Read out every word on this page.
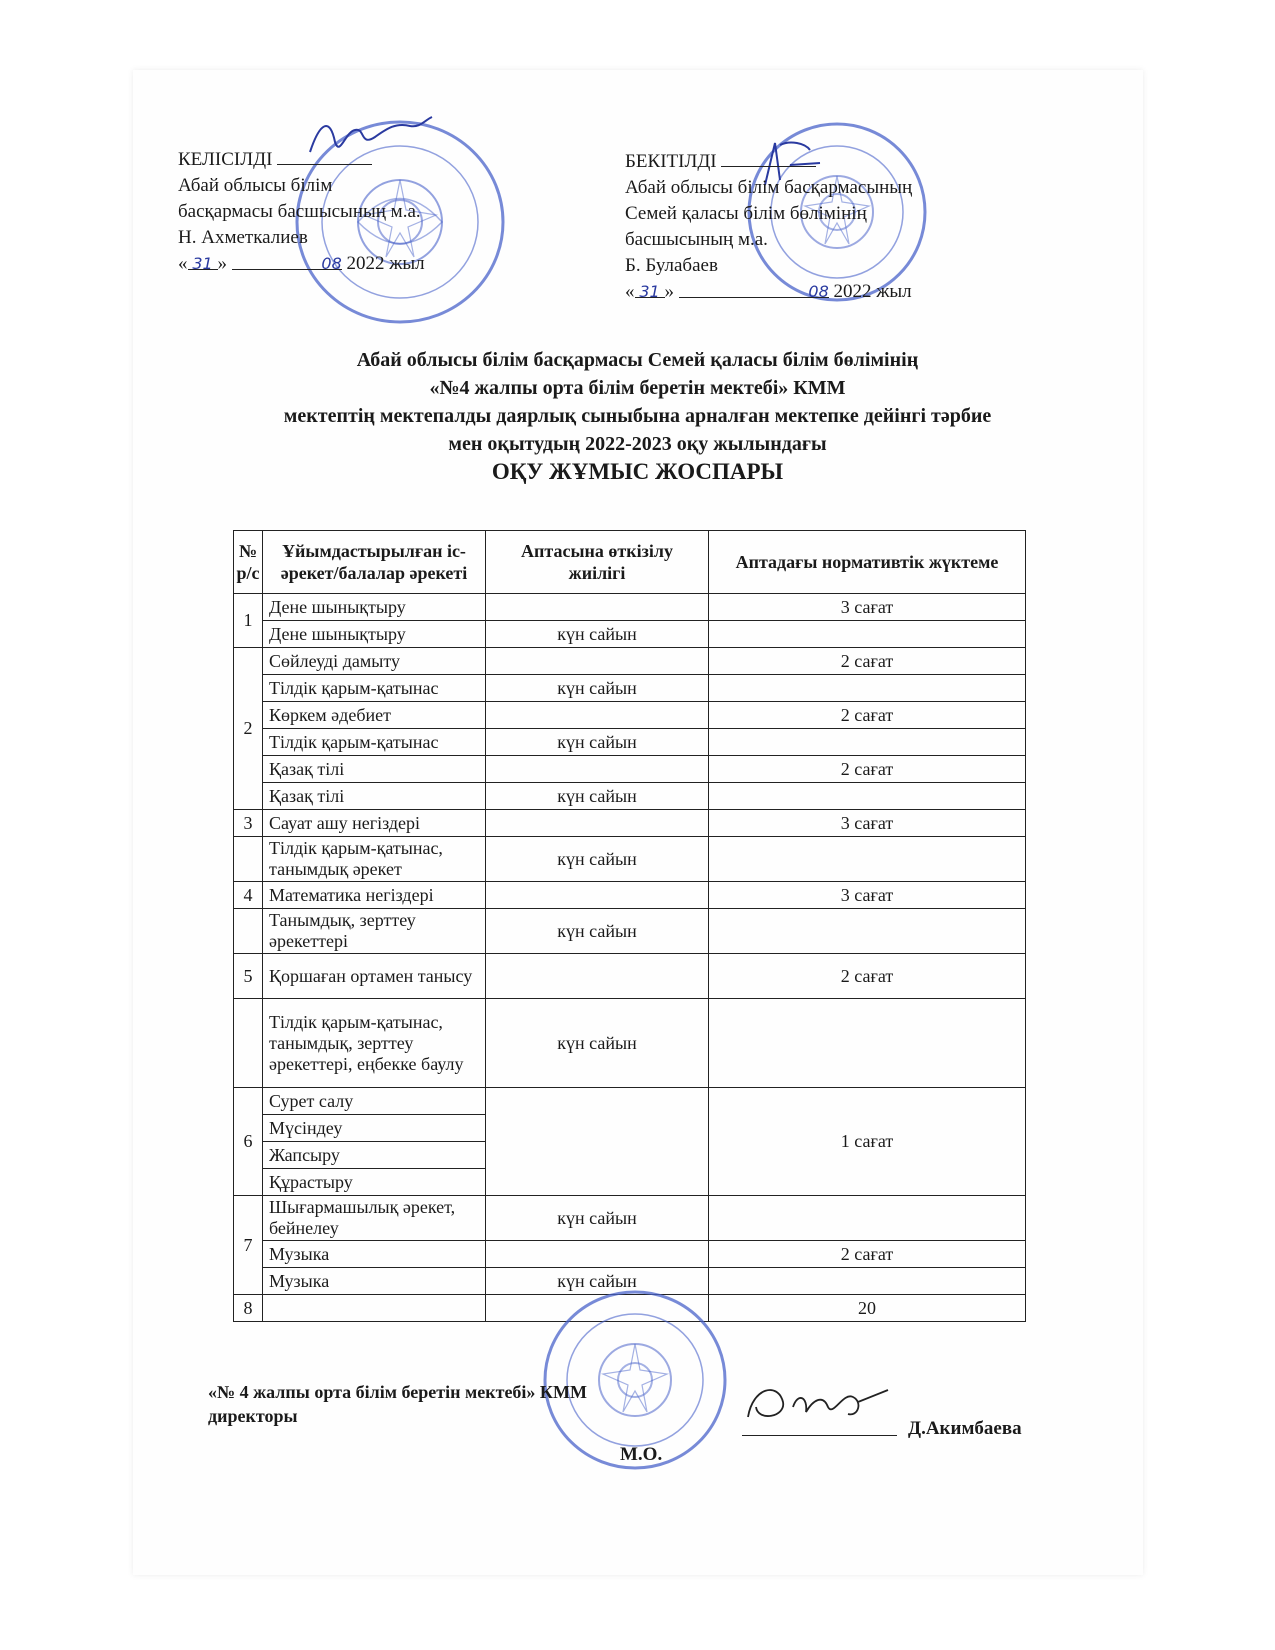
КЕЛІСІЛДІ
Абай облысы білім
басқармасы басшысының м.а.
Н. Ахметкалиев
« 31 »	08 2022 жыл
БЕКІТІЛДІ
Абай облысы білім басқармасының
Семей қаласы білім бөлімінің
басшысының м.а.
Б. Булабаев
« 31 »	08 2022 жыл
Абай облысы білім басқармасы Семей қаласы білім бөлімінің
«№4 жалпы орта білім беретін мектебі» КММ
мектептің мектепалды даярлық сыныбына арналған мектепке дейінгі тәрбие
мен оқытудың 2022-2023 оқу жылындағы
ОҚУ ЖҰМЫС ЖОСПАРЫ
№ р/с	Ұйымдастырылған іс-әрекет/балалар әрекеті	Аптасына өткізілу жиілігі	Аптадағы нормативтік жүктеме
1	Дене шынықтыру		3 сағат
	Дене шынықтыру	күн сайын	
2	Сөйлеуді дамыту		2 сағат
	Тілдік қарым-қатынас	күн сайын	
	Көркем әдебиет		2 сағат
	Тілдік қарым-қатынас	күн сайын	
	Қазақ тілі		2 сағат
	Қазақ тілі	күн сайын	
3	Сауат ашу негіздері		3 сағат
	Тілдік қарым-қатынас, танымдық әрекет	күн сайын	
4	Математика негіздері		3 сағат
	Танымдық, зерттеу әрекеттері	күн сайын	
5	Қоршаған ортамен танысу		2 сағат
	Тілдік қарым-қатынас, танымдық, зерттеу әрекеттері, еңбекке баулу	күн сайын	
6	Сурет салу		1 сағат
	Мүсіндеу		
	Жапсыру		
	Құрастыру		
7	Шығармашылық әрекет, бейнелеу	күн сайын	
	Музыка		2 сағат
	Музыка	күн сайын	
8			20
«№ 4 жалпы орта білім беретін мектебі» КММ
директоры
М.О.
Д.Акимбаева
